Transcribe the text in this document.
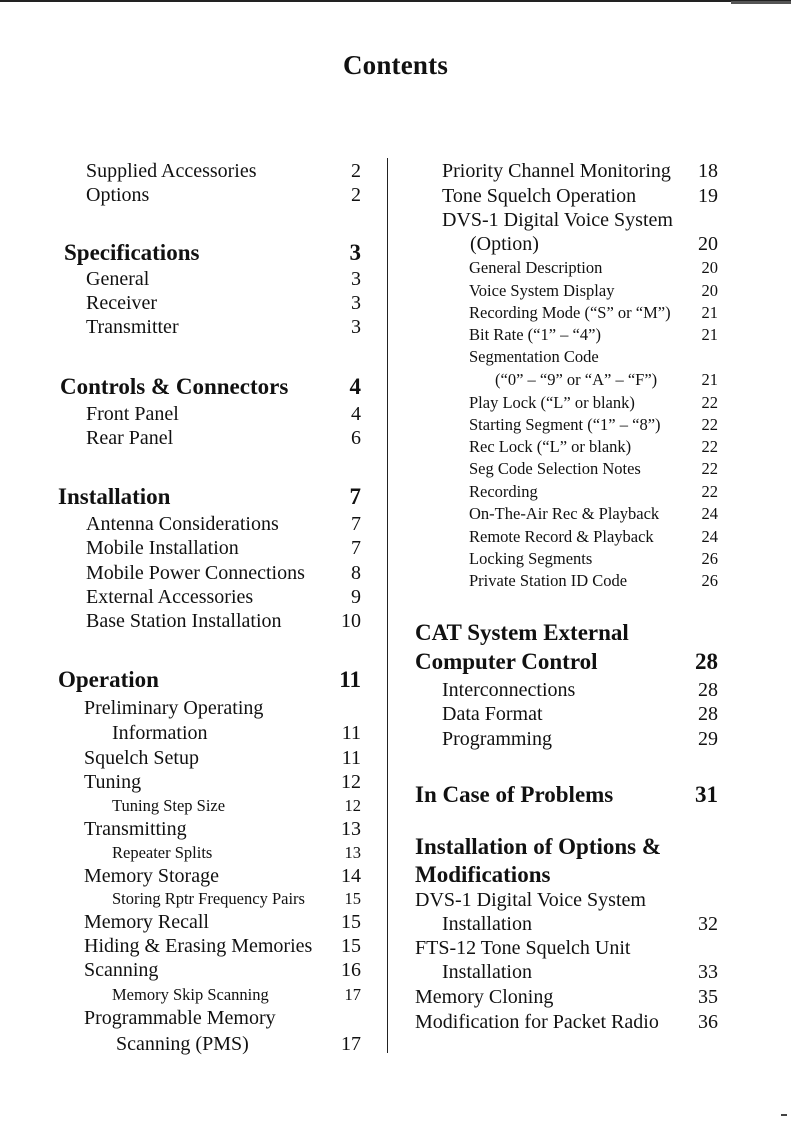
Contents
Supplied Accessories	2
Options	2
Specifications	3
General	3
Receiver	3
Transmitter	3
Controls & Connectors	4
Front Panel	4
Rear Panel	6
Installation	7
Antenna Considerations	7
Mobile Installation	7
Mobile Power Connections 8
External Accessories	9
Base Station Installation	10
Operation	11
Preliminary Operating
Information	11
Squelch Setup	11
Tuning	12
Tuning Step Size	12
Transmitting	13
Repeater Splits	13
Memory Storage	14
Storing Rptr Frequency Pairs 15
Memory Recall	15
Hiding & Erasing Memories 15
Scanning	16
Memory Skip Scanning	17
Programmable Memory
Scanning (PMS)	17
Priority Channel Monitoring 18
Tone Squelch Operation	19
DVS-1 Digital Voice System
(Option)	20
General Description	20
Voice System Display	20
Recording Mode (“S” or “M”) 21
Bit Rate (“1” – “4”)	21
Segmentation Code
(“0” – “9” or “A” – “F”)	21
Play Lock (“L” or blank)	22
Starting Segment (“1” – “8”) 22
Rec Lock (“L” or blank)	22
Seg Code Selection Notes	22
Recording	22
On-The-Air Rec & Playback	24
Remote Record & Playback	24
Locking Segments	26
Private Station ID Code	26
CAT System External
Computer Control	28
Interconnections	28
Data Format	28
Programming	29
In Case of Problems	31
Installation of Options &
Modifications
DVS-1 Digital Voice System
Installation	32
FTS-12 Tone Squelch Unit
Installation	33
Memory Cloning	35
Modification for Packet Radio 36
